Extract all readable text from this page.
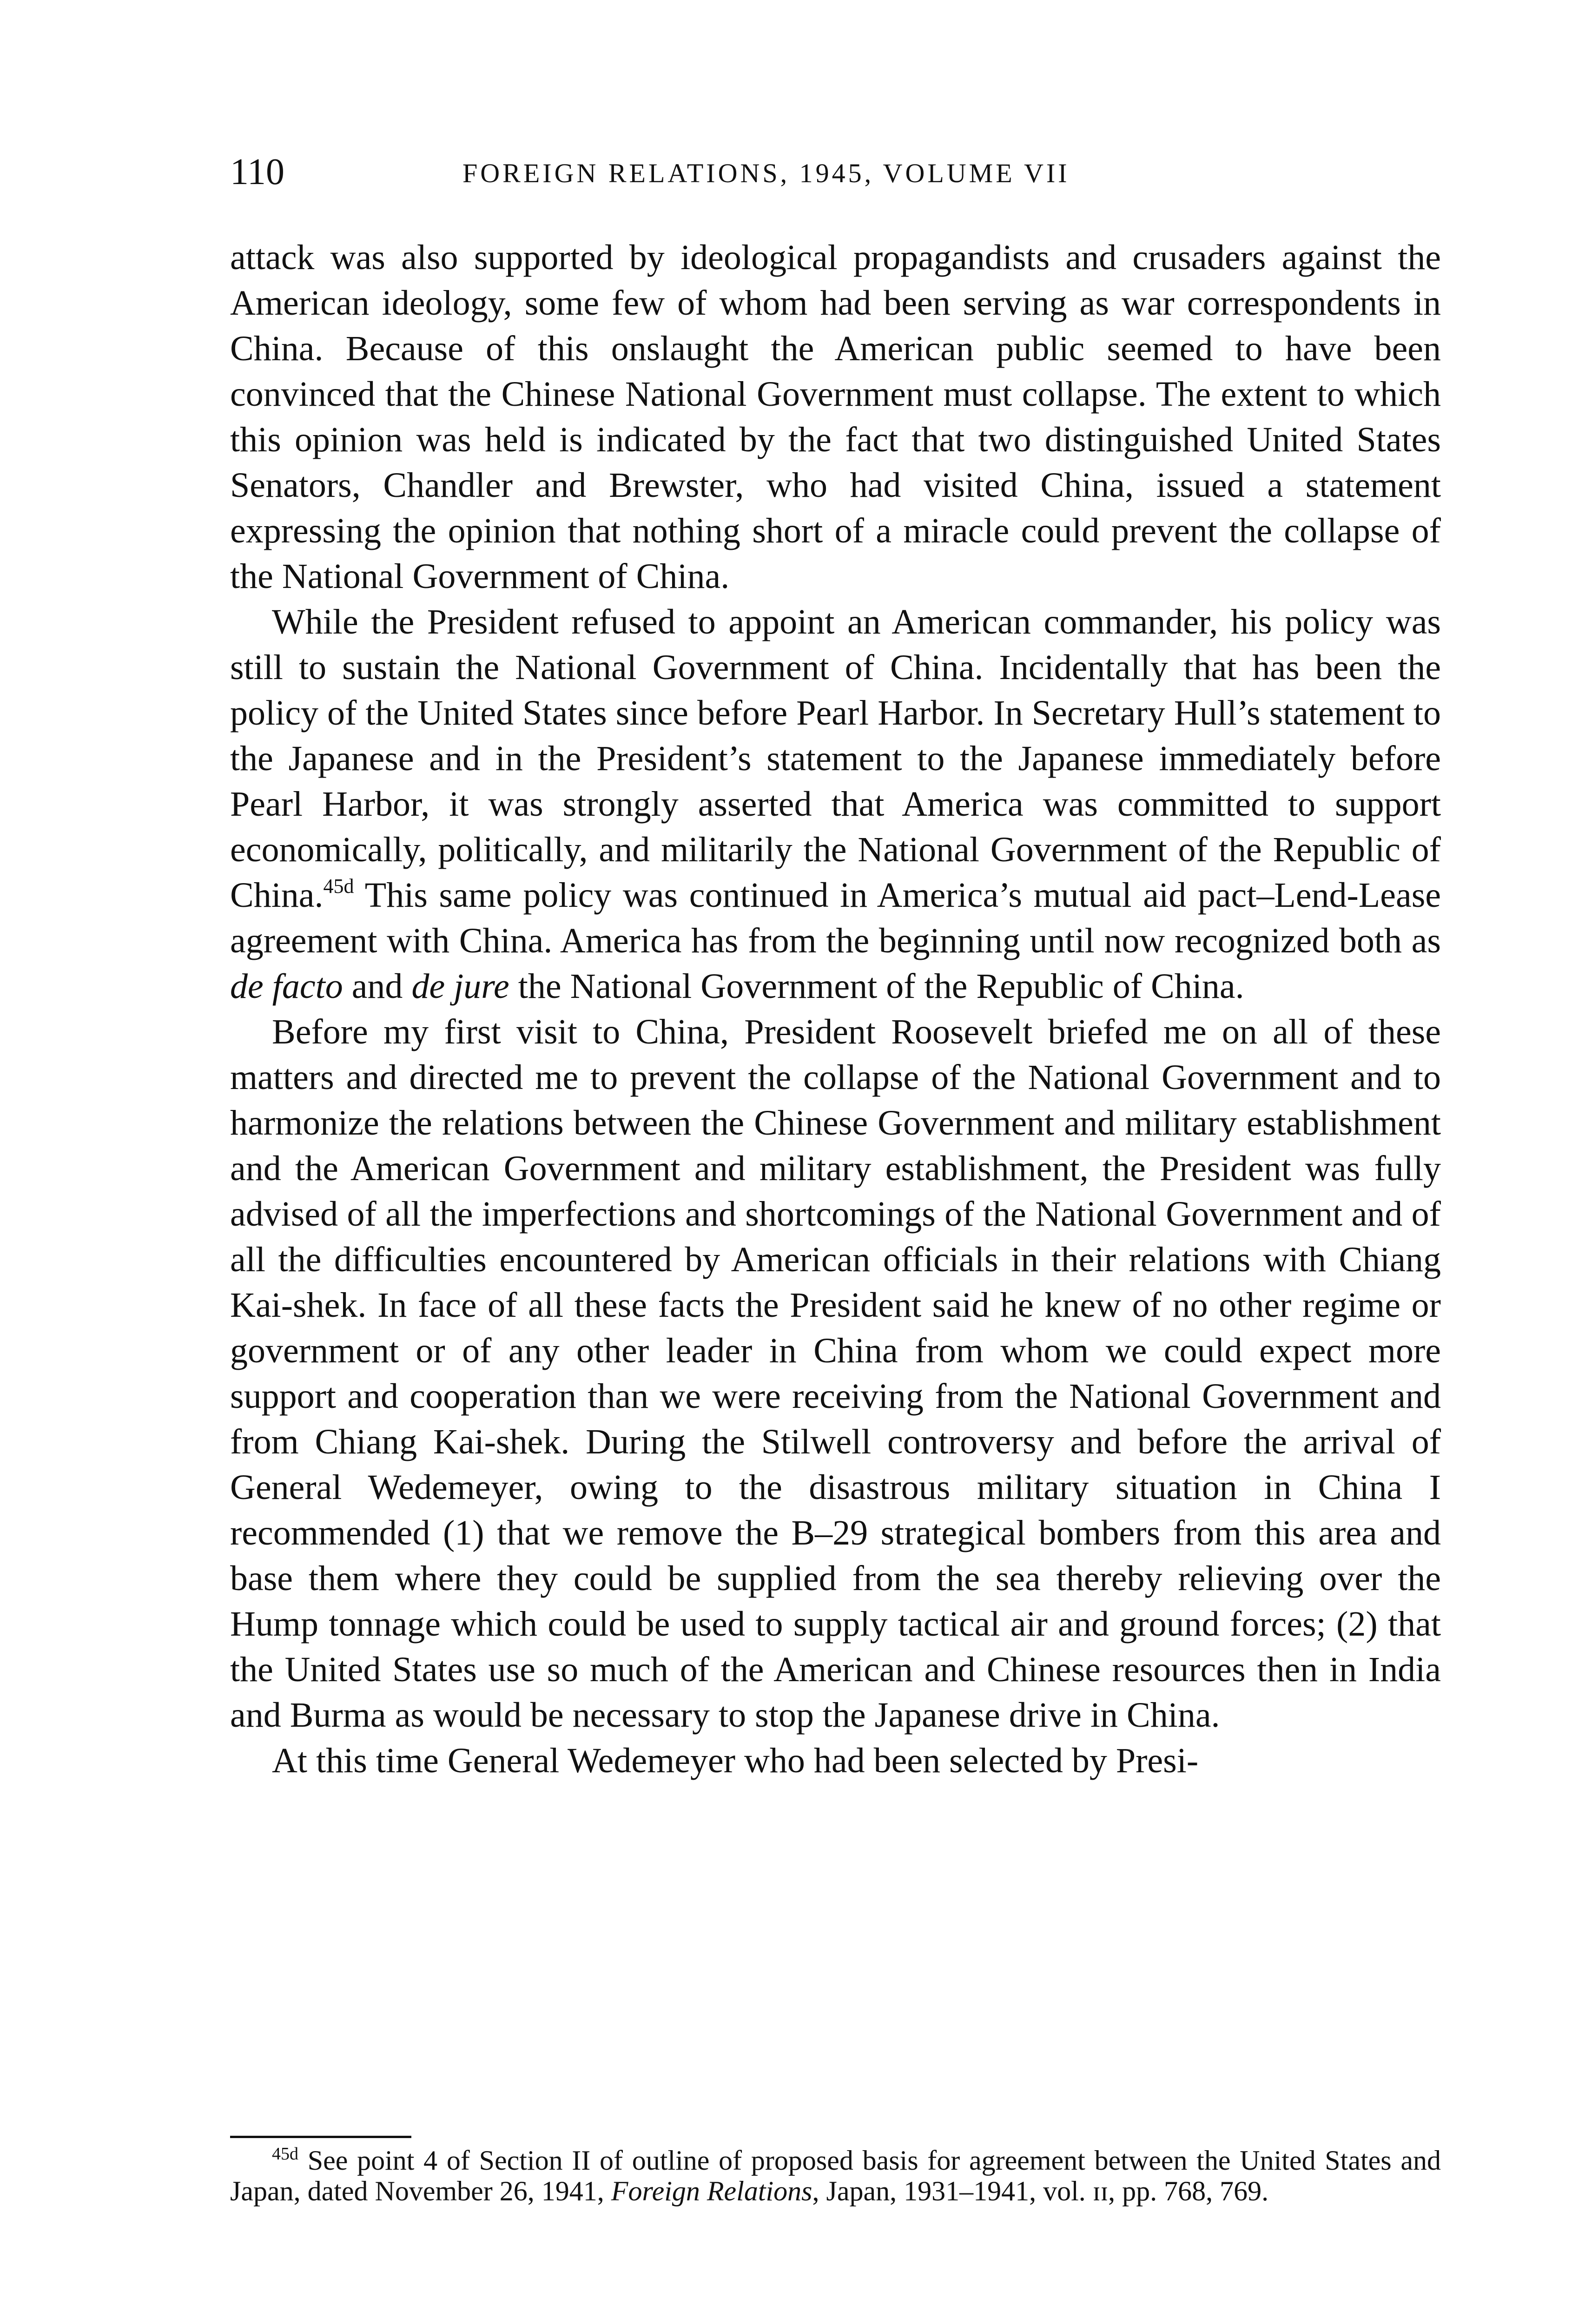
110	FOREIGN RELATIONS, 1945, VOLUME VII

attack was also supported by ideological propagandists and crusaders against the American ideology, some few of whom had been serving as war correspondents in China. Because of this onslaught the American public seemed to have been convinced that the Chinese National Government must collapse. The extent to which this opinion was held is indicated by the fact that two distinguished United States Senators, Chandler and Brewster, who had visited China, issued a statement expressing the opinion that nothing short of a miracle could prevent the collapse of the National Government of China.

While the President refused to appoint an American commander, his policy was still to sustain the National Government of China. Incidentally that has been the policy of the United States since before Pearl Harbor. In Secretary Hull’s statement to the Japanese and in the President’s statement to the Japanese immediately before Pearl Harbor, it was strongly asserted that America was committed to support economically, politically, and militarily the National Government of the Republic of China.$^{45d}$ This same policy was continued in America’s mutual aid pact–Lend-Lease agreement with China. America has from the beginning until now recognized both as de facto and de jure the National Government of the Republic of China.

Before my first visit to China, President Roosevelt briefed me on all of these matters and directed me to prevent the collapse of the National Government and to harmonize the relations between the Chinese Government and military establishment and the American Government and military establishment, the President was fully advised of all the imperfections and shortcomings of the National Government and of all the difficulties encountered by American officials in their relations with Chiang Kai-shek. In face of all these facts the President said he knew of no other regime or government or of any other leader in China from whom we could expect more support and cooperation than we were receiving from the National Government and from Chiang Kai-shek. During the Stilwell controversy and before the arrival of General Wedemeyer, owing to the disastrous military situation in China I recommended (1) that we remove the B–29 strategical bombers from this area and base them where they could be supplied from the sea thereby relieving over the Hump tonnage which could be used to supply tactical air and ground forces; (2) that the United States use so much of the American and Chinese resources then in India and Burma as would be necessary to stop the Japanese drive in China.

At this time General Wedemeyer who had been selected by Presi-

$^{45d}$ See point 4 of Section II of outline of proposed basis for agreement between the United States and Japan, dated November 26, 1941, Foreign Relations, Japan, 1931–1941, vol. ɪɪ, pp. 768, 769.
